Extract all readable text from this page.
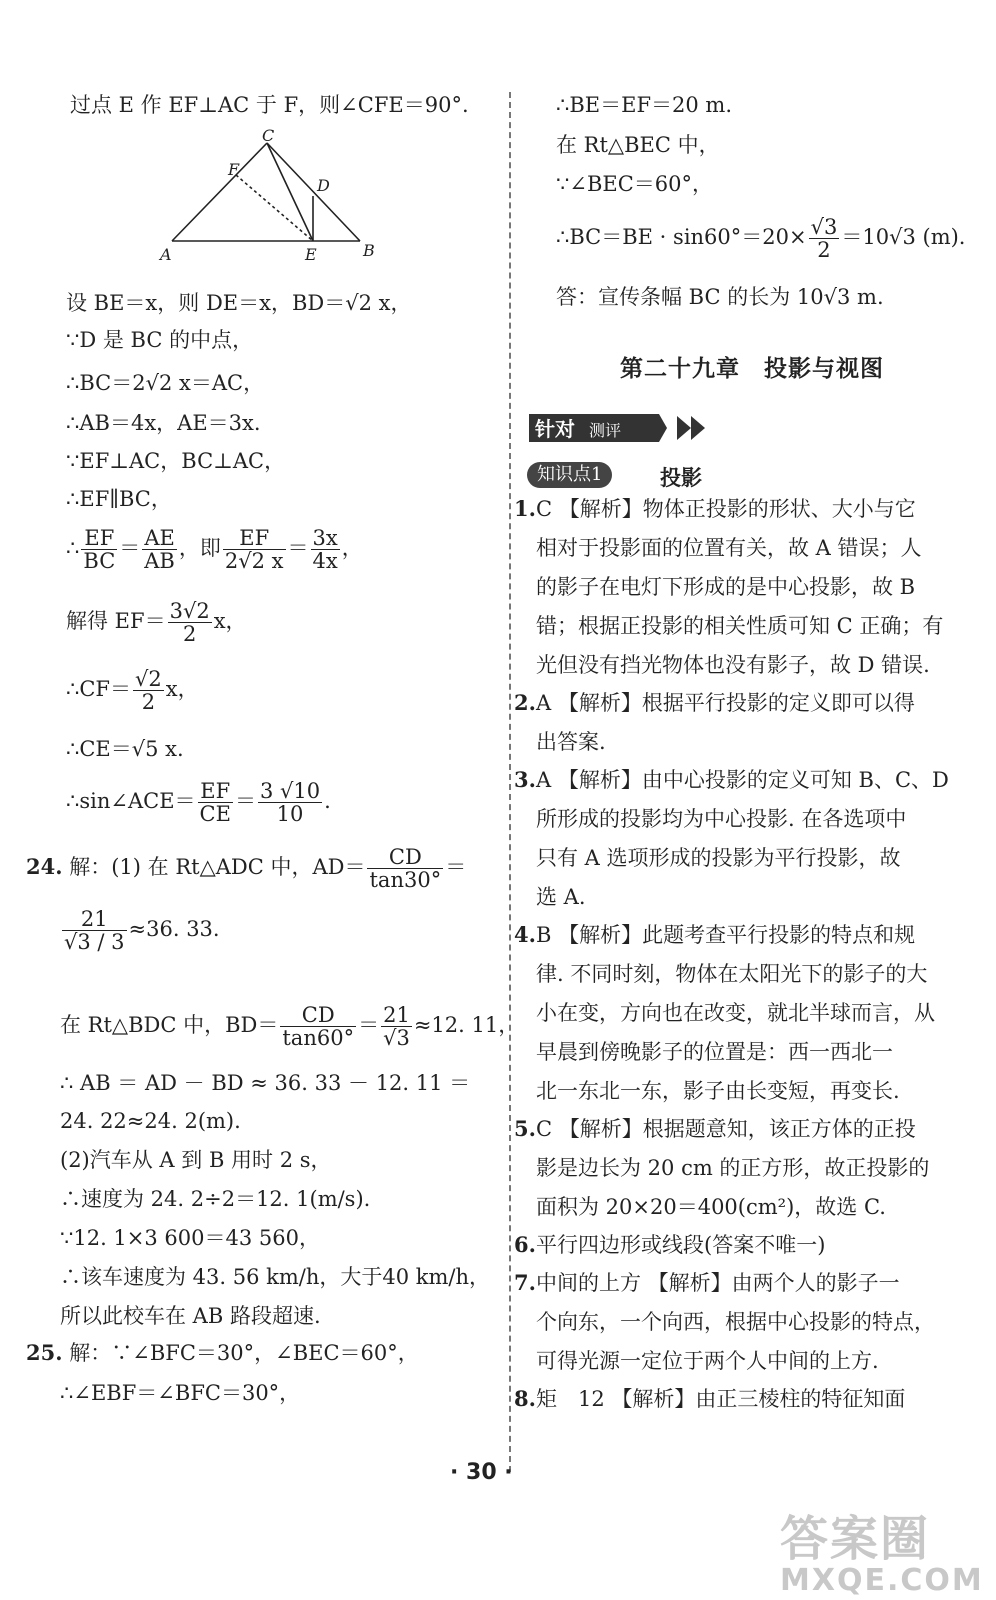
过点 E 作 EF⊥AC 于 F，则∠CFE＝90°.
C
F
D
A	E	B
设 BE＝x，则 DE＝x，BD＝√2 x，
∵D 是 BC 的中点，
∴BC＝2√2 x＝AC，
∴AB＝4x，AE＝3x.
∵EF⊥AC，BC⊥AC，
∴EF∥BC，
∴ $\frac{EF}{BC} = \frac{AE}{AB}$ ，即 $\frac{EF}{2√2 x} = \frac{3x}{4x}$ ，
解得 $EF= \frac{3√2}{2}$ x，
∴CF＝ $\frac{√2}{2}$ x，
∴CE＝√5 x.
∴sin∠ACE＝ $\frac{EF}{CE} = \frac{3 √10}{10}$ .
24. 解：(1) 在 Rt△ADC 中，$AD= \frac{CD}{\tan 30^\circ}$ ＝
$\frac{21}{√3 / 3} \approx 36$. 33.
在 Rt△BDC 中，$BD= \frac{CD}{\tan 60^\circ} = \frac{21}{√3} \approx 12$. 11，
∴ AB ＝ AD － BD ≈ 36. 33 － 12. 11 ＝
24. 22≈24. 2(m).
(2)汽车从 A 到 B 用时 2 s，
∴速度为 24. 2÷2＝12. 1(m/s).
∵12. 1×3 600＝43 560，
∴该车速度为 43. 56 km/h，大于40 km/h，
所以此校车在 AB 路段超速.
25. 解：∵∠BFC＝30°，∠BEC＝60°，
∴∠EBF＝∠BFC＝30°，
∴BE＝EF＝20 m.
在 Rt△BEC 中，
∵∠BEC＝60°，
∴BC＝BE · $\sin 60^\circ=20\times \frac{√3}{2} =10√3$ (m).
答：宣传条幅 BC 的长为 10√3 m.
第二十九章　投影与视图
针对 测评
知识点1	投影
1. C 【解析】物体正投影的形状、大小与它
相对于投影面的位置有关，故 A 错误；人
的影子在电灯下形成的是中心投影，故 B
错；根据正投影的相关性质可知 C 正确；有
光但没有挡光物体也没有影子，故 D 错误.
2. A 【解析】根据平行投影的定义即可以得
出答案.
3. A 【解析】由中心投影的定义可知 B、C、D
所形成的投影均为中心投影. 在各选项中
只有 A 选项形成的投影为平行投影，故
选 A.
4. B 【解析】此题考查平行投影的特点和规
律. 不同时刻，物体在太阳光下的影子的大
小在变，方向也在改变，就北半球而言，从
早晨到傍晚影子的位置是：西一西北一
北一东北一东，影子由长变短，再变长.
5. C 【解析】根据题意知，该正方体的正投
影是边长为 20 cm 的正方形，故正投影的
面积为 20×20＝400(cm²)，故选 C.
6. 平行四边形或线段(答案不唯一)
7. 中间的上方 【解析】由两个人的影子一
个向东，一个向西，根据中心投影的特点，
可得光源一定位于两个人中间的上方.
8. 矩　12 【解析】由正三棱柱的特征知面
· 30 ·
答案圈
MXQE.COM
